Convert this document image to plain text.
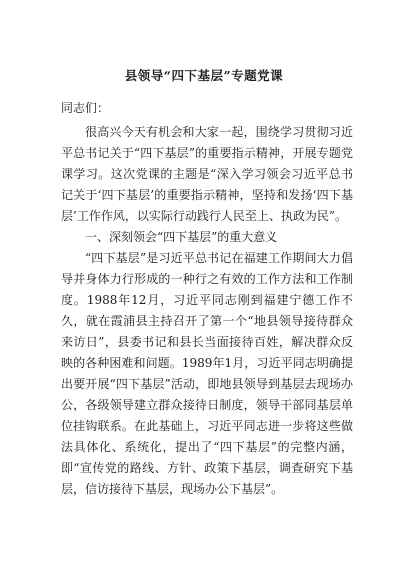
县领导“四下基层”专题党课

同志们：

很高兴今天有机会和大家一起，围绕学习贯彻习近平总书记关于“四下基层”的重要指示精神，开展专题党课学习。这次党课的主题是“深入学习领会习近平总书记关于‘四下基层’的重要指示精神，坚持和发扬‘四下基层’工作作风，以实际行动践行人民至上、执政为民”。

一、深刻领会“四下基层”的重大意义

“四下基层”是习近平总书记在福建工作期间大力倡导并身体力行形成的一种行之有效的工作方法和工作制度。1988年12月，习近平同志刚到福建宁德工作不久，就在霞浦县主持召开了第一个“地县领导接待群众来访日”，县委书记和县长当面接待百姓，解决群众反映的各种困难和问题。1989年1月，习近平同志明确提出要开展“四下基层”活动，即地县领导到基层去现场办公，各级领导建立群众接待日制度，领导干部同基层单位挂钩联系。在此基础上，习近平同志进一步将这些做法具体化、系统化，提出了“四下基层”的完整内涵，即“宣传党的路线、方针、政策下基层，调查研究下基层，信访接待下基层，现场办公下基层”。
